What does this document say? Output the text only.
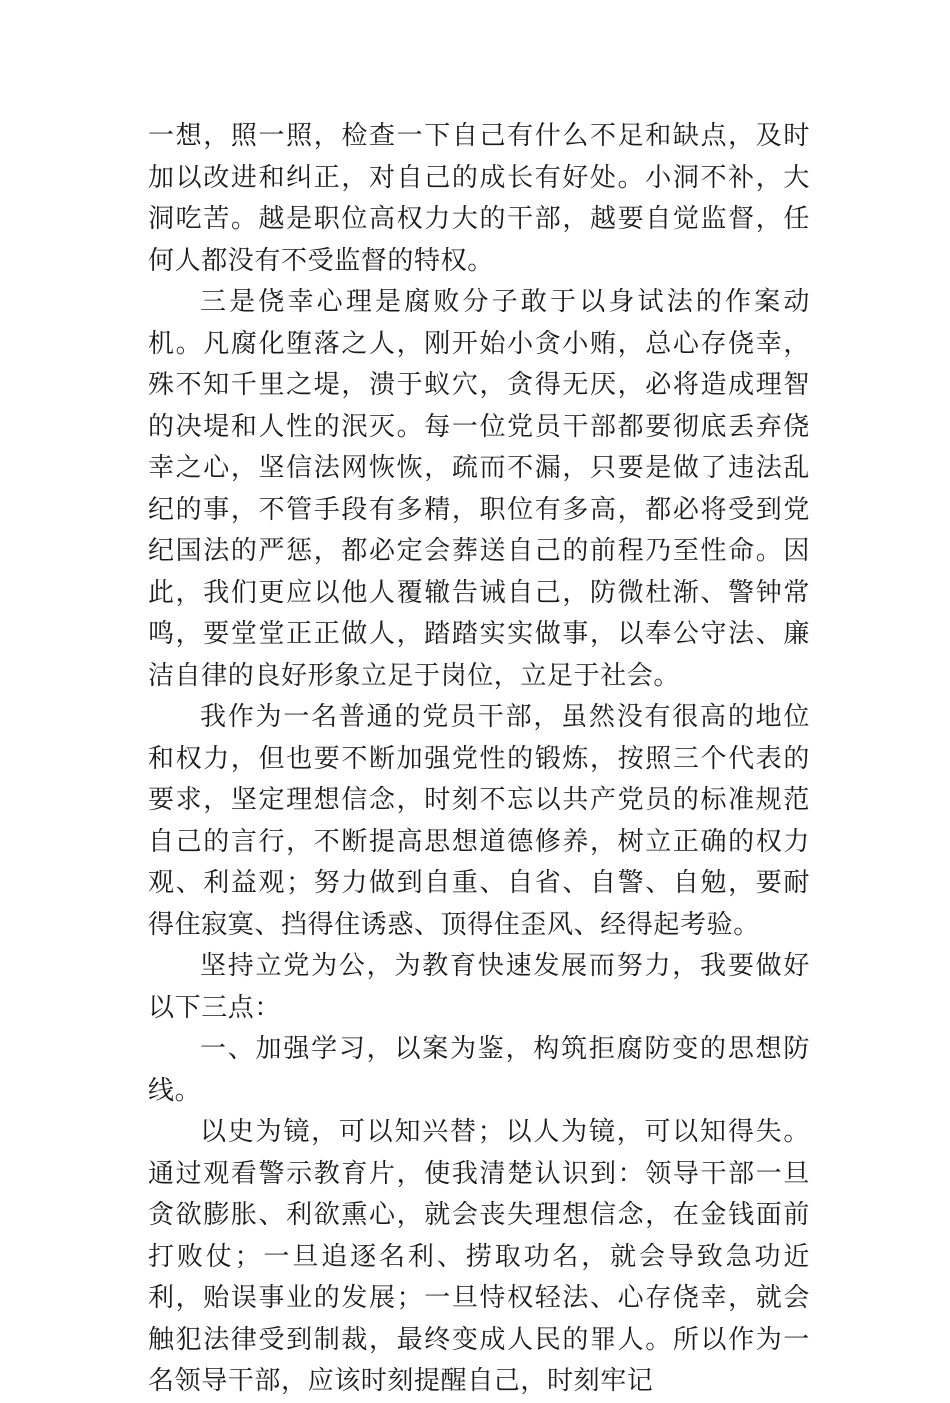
一想，照一照，检查一下自己有什么不足和缺点，及时加以改进和纠正，对自己的成长有好处。小洞不补，大洞吃苦。越是职位高权力大的干部，越要自觉监督，任何人都没有不受监督的特权。

三是侥幸心理是腐败分子敢于以身试法的作案动机。凡腐化堕落之人，刚开始小贪小贿，总心存侥幸，殊不知千里之堤，溃于蚁穴，贪得无厌，必将造成理智的决堤和人性的泯灭。每一位党员干部都要彻底丢弃侥幸之心，坚信法网恢恢，疏而不漏，只要是做了违法乱纪的事，不管手段有多精，职位有多高，都必将受到党纪国法的严惩，都必定会葬送自己的前程乃至性命。因此，我们更应以他人覆辙告诫自己，防微杜渐、警钟常鸣，要堂堂正正做人，踏踏实实做事，以奉公守法、廉洁自律的良好形象立足于岗位，立足于社会。

我作为一名普通的党员干部，虽然没有很高的地位和权力，但也要不断加强党性的锻炼，按照三个代表的要求，坚定理想信念，时刻不忘以共产党员的标准规范自己的言行，不断提高思想道德修养，树立正确的权力观、利益观；努力做到自重、自省、自警、自勉，要耐得住寂寞、挡得住诱惑、顶得住歪风、经得起考验。

坚持立党为公，为教育快速发展而努力，我要做好以下三点：

一、加强学习，以案为鉴，构筑拒腐防变的思想防线。

以史为镜，可以知兴替；以人为镜，可以知得失。通过观看警示教育片，使我清楚认识到：领导干部一旦贪欲膨胀、利欲熏心，就会丧失理想信念，在金钱面前打败仗；一旦追逐名利、捞取功名，就会导致急功近利，贻误事业的发展；一旦恃权轻法、心存侥幸，就会触犯法律受到制裁，最终变成人民的罪人。所以作为一名领导干部，应该时刻提醒自己，时刻牢记
